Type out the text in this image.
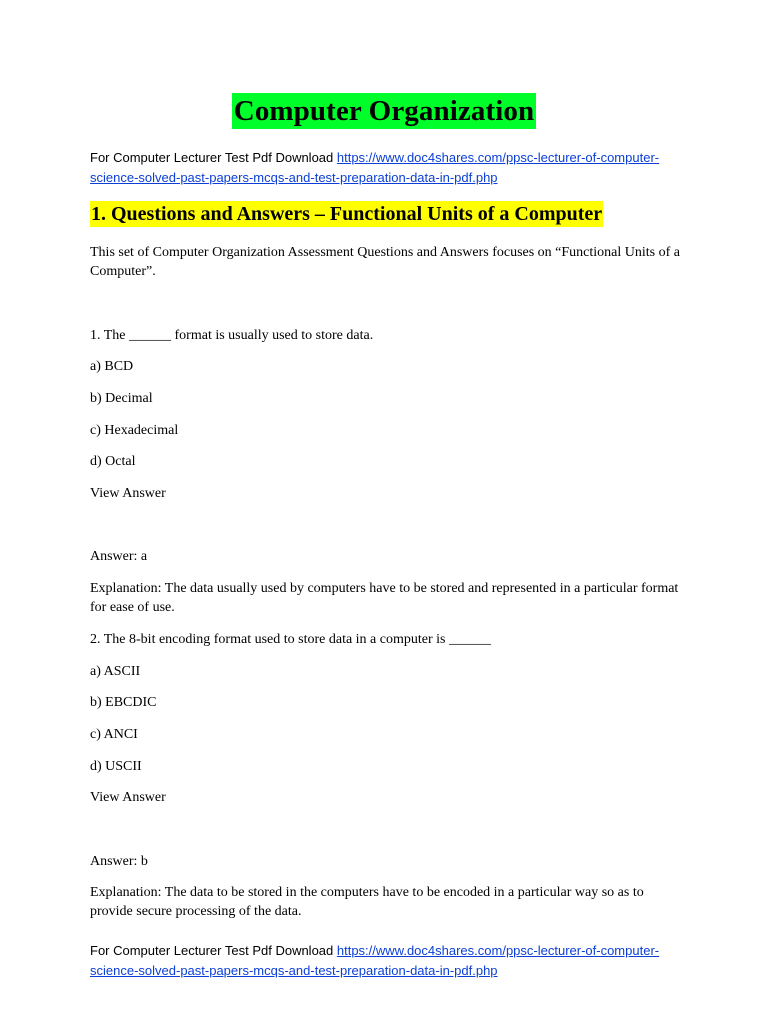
Computer Organization
For Computer Lecturer Test Pdf Download https://www.doc4shares.com/ppsc-lecturer-of-computer-
science-solved-past-papers-mcqs-and-test-preparation-data-in-pdf.php
1. Questions and Answers – Functional Units of a Computer
This set of Computer Organization Assessment Questions and Answers focuses on “Functional Units of a
Computer”.
1. The ______ format is usually used to store data.
a) BCD
b) Decimal
c) Hexadecimal
d) Octal
View Answer
Answer: a
Explanation: The data usually used by computers have to be stored and represented in a particular format
for ease of use.
2. The 8-bit encoding format used to store data in a computer is ______
a) ASCII
b) EBCDIC
c) ANCI
d) USCII
View Answer
Answer: b
Explanation: The data to be stored in the computers have to be encoded in a particular way so as to
provide secure processing of the data.
For Computer Lecturer Test Pdf Download https://www.doc4shares.com/ppsc-lecturer-of-computer-
science-solved-past-papers-mcqs-and-test-preparation-data-in-pdf.php
